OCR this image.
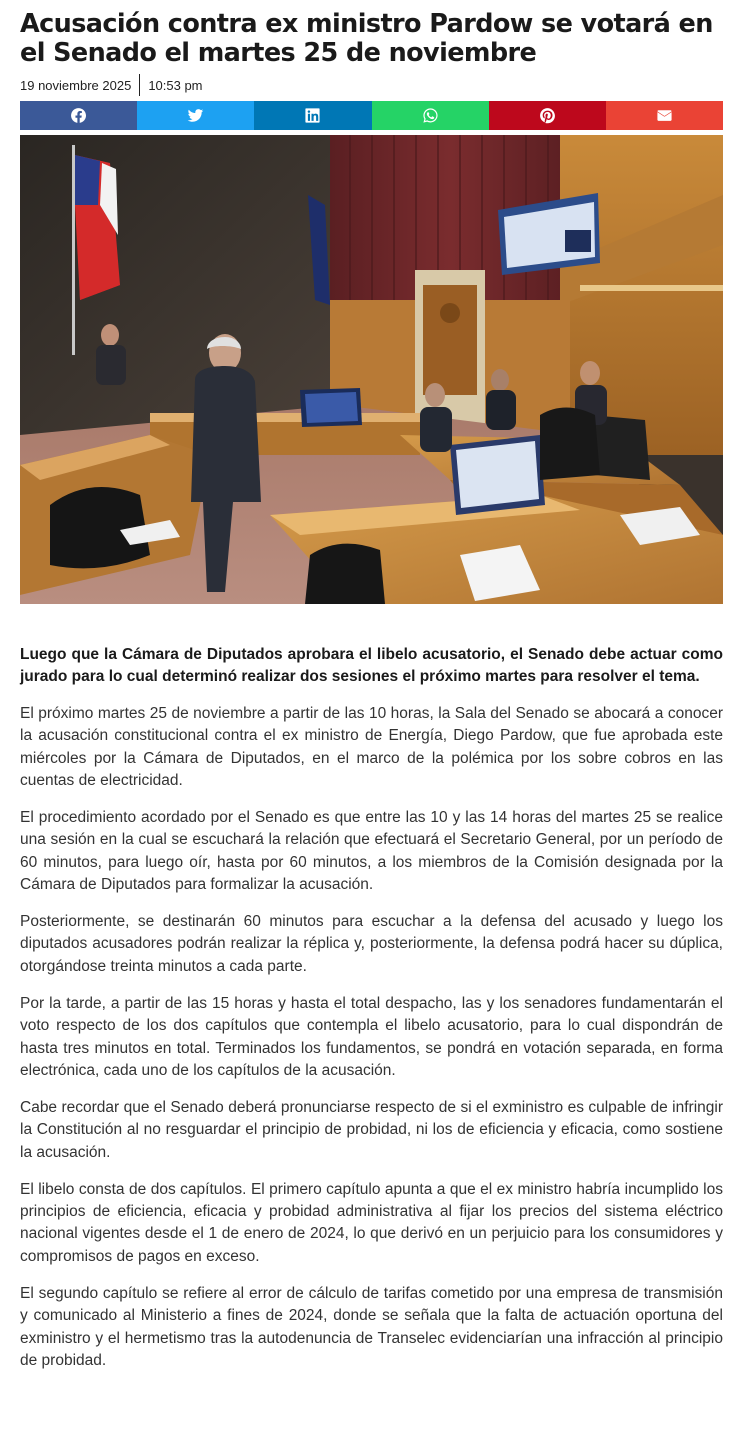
Acusación contra ex ministro Pardow se votará en el Senado el martes 25 de noviembre
19 noviembre 2025	10:53 pm

Luego que la Cámara de Diputados aprobara el libelo acusatorio, el Senado debe actuar como jurado para lo cual determinó realizar dos sesiones el próximo martes para resolver el tema.

El próximo martes 25 de noviembre a partir de las 10 horas, la Sala del Senado se abocará a conocer la acusación constitucional contra el ex ministro de Energía, Diego Pardow, que fue aprobada este miércoles por la Cámara de Diputados, en el marco de la polémica por los sobre cobros en las cuentas de electricidad.

El procedimiento acordado por el Senado es que entre las 10 y las 14 horas del martes 25 se realice una sesión en la cual se escuchará la relación que efectuará el Secretario General, por un período de 60 minutos, para luego oír, hasta por 60 minutos, a los miembros de la Comisión designada por la Cámara de Diputados para formalizar la acusación.

Posteriormente, se destinarán 60 minutos para escuchar a la defensa del acusado y luego los diputados acusadores podrán realizar la réplica y, posteriormente, la defensa podrá hacer su dúplica, otorgándose treinta minutos a cada parte.

Por la tarde, a partir de las 15 horas y hasta el total despacho, las y los senadores fundamentarán el voto respecto de los dos capítulos que contempla el libelo acusatorio, para lo cual dispondrán de hasta tres minutos en total. Terminados los fundamentos, se pondrá en votación separada, en forma electrónica, cada uno de los capítulos de la acusación.

Cabe recordar que el Senado deberá pronunciarse respecto de si el exministro es culpable de infringir la Constitución al no resguardar el principio de probidad, ni los de eficiencia y eficacia, como sostiene la acusación.

El libelo consta de dos capítulos. El primero capítulo apunta a que el ex ministro habría incumplido los principios de eficiencia, eficacia y probidad administrativa al fijar los precios del sistema eléctrico nacional vigentes desde el 1 de enero de 2024, lo que derivó en un perjuicio para los consumidores y compromisos de pagos en exceso.

El segundo capítulo se refiere al error de cálculo de tarifas cometido por una empresa de transmisión y comunicado al Ministerio a fines de 2024, donde se señala que la falta de actuación oportuna del exministro y el hermetismo tras la autodenuncia de Transelec evidenciarían una infracción al principio de probidad.
